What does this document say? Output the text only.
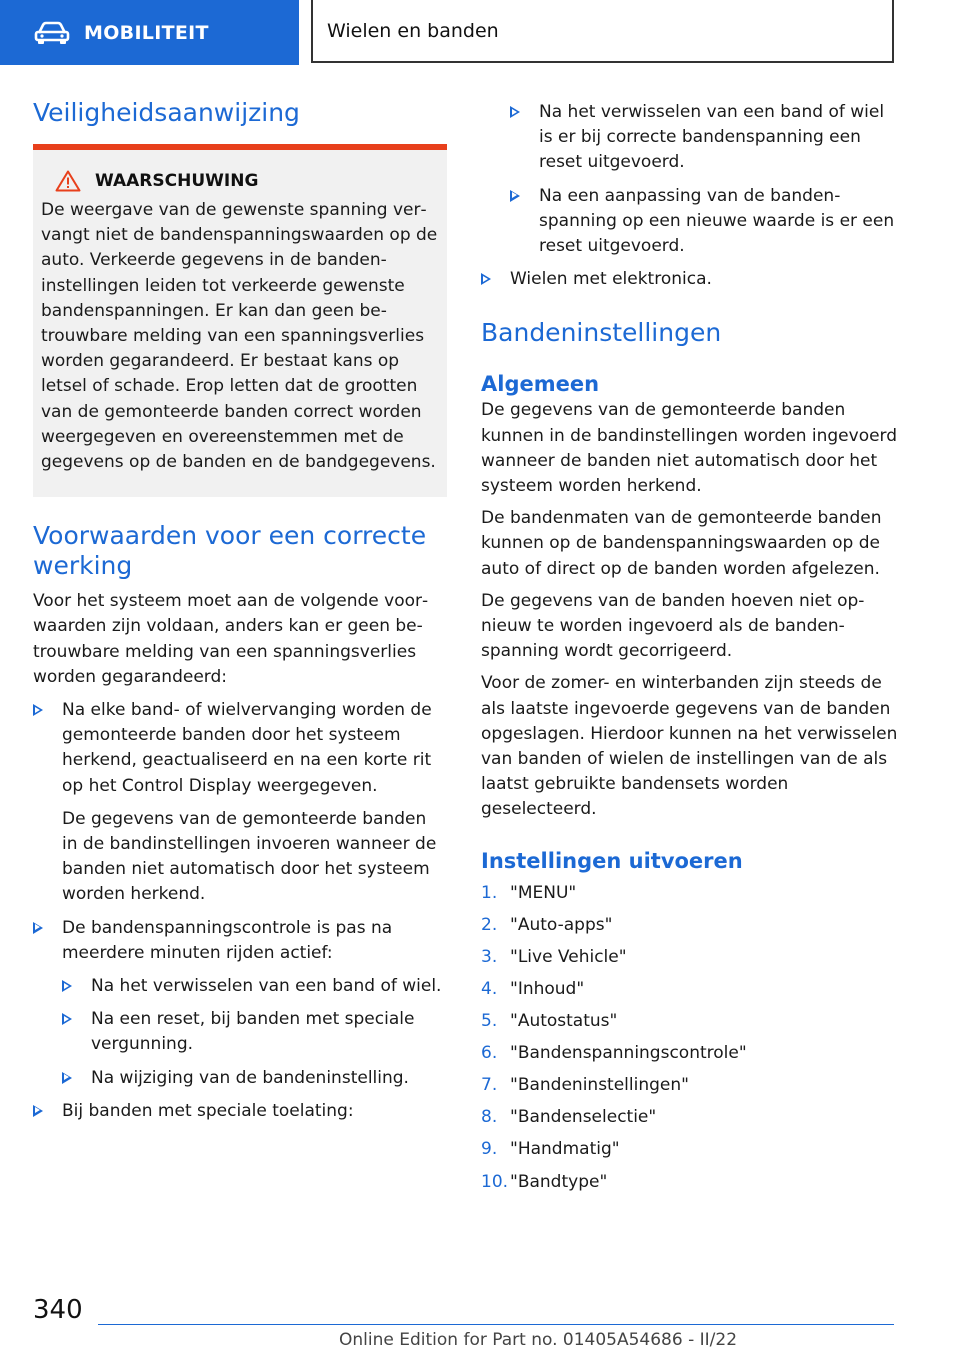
MOBILITEIT	Wielen en banden
Veiligheidsaanwijzing
WAARSCHUWING

De weergave van de gewenste spanning vervangt niet de bandenspanningswaarden op de auto. Verkeerde gegevens in de bandeninstellingen leiden tot verkeerde gewenste bandenspanningen. Er kan dan geen betrouwbare melding van een spanningsverlies worden gegarandeerd. Er bestaat kans op letsel of schade. Erop letten dat de grootten van de gemonteerde banden correct worden weergegeven en overeenstemmen met de gegevens op de banden en de bandgegevens.

Voorwaarden voor een correcte werking

Voor het systeem moet aan de volgende voorwaarden zijn voldaan, anders kan er geen betrouwbare melding van een spanningsverlies worden gegarandeerd:

Na elke band- of wielvervanging worden de gemonteerde banden door het systeem herkend, geactualiseerd en na een korte rit op het Control Display weergegeven.
De gegevens van de gemonteerde banden in de bandinstellingen invoeren wanneer de banden niet automatisch door het systeem worden herkend.
De bandenspanningscontrole is pas na meerdere minuten rijden actief:
Na het verwisselen van een band of wiel.
Na een reset, bij banden met speciale vergunning.
Na wijziging van de bandeninstelling.
Bij banden met speciale toelating:
Na het verwisselen van een band of wiel is er bij correcte bandenspanning een reset uitgevoerd.
Na een aanpassing van de bandenspanning op een nieuwe waarde is er een reset uitgevoerd.
Wielen met elektronica.
Bandeninstellingen
Algemeen

De gegevens van de gemonteerde banden kunnen in de bandinstellingen worden ingevoerd wanneer de banden niet automatisch door het systeem worden herkend.

De bandenmaten van de gemonteerde banden kunnen op de bandenspanningswaarden op de auto of direct op de banden worden afgelezen.

De gegevens van de banden hoeven niet opnieuw te worden ingevoerd als de bandenspanning wordt gecorrigeerd.

Voor de zomer- en winterbanden zijn steeds de als laatste ingevoerde gegevens van de banden opgeslagen. Hierdoor kunnen na het verwisselen van banden of wielen de instellingen van de als laatst gebruikte bandensets worden geselecteerd.

Instellingen uitvoeren
1. "MENU"
2. "Auto-apps"
3. "Live Vehicle"
4. "Inhoud"
5. "Autostatus"
6. "Bandenspanningscontrole"
7. "Bandeninstellingen"
8. "Bandenselectie"
9. "Handmatig"
10. "Bandtype"
340
Online Edition for Part no. 01405A54686 - II/22
